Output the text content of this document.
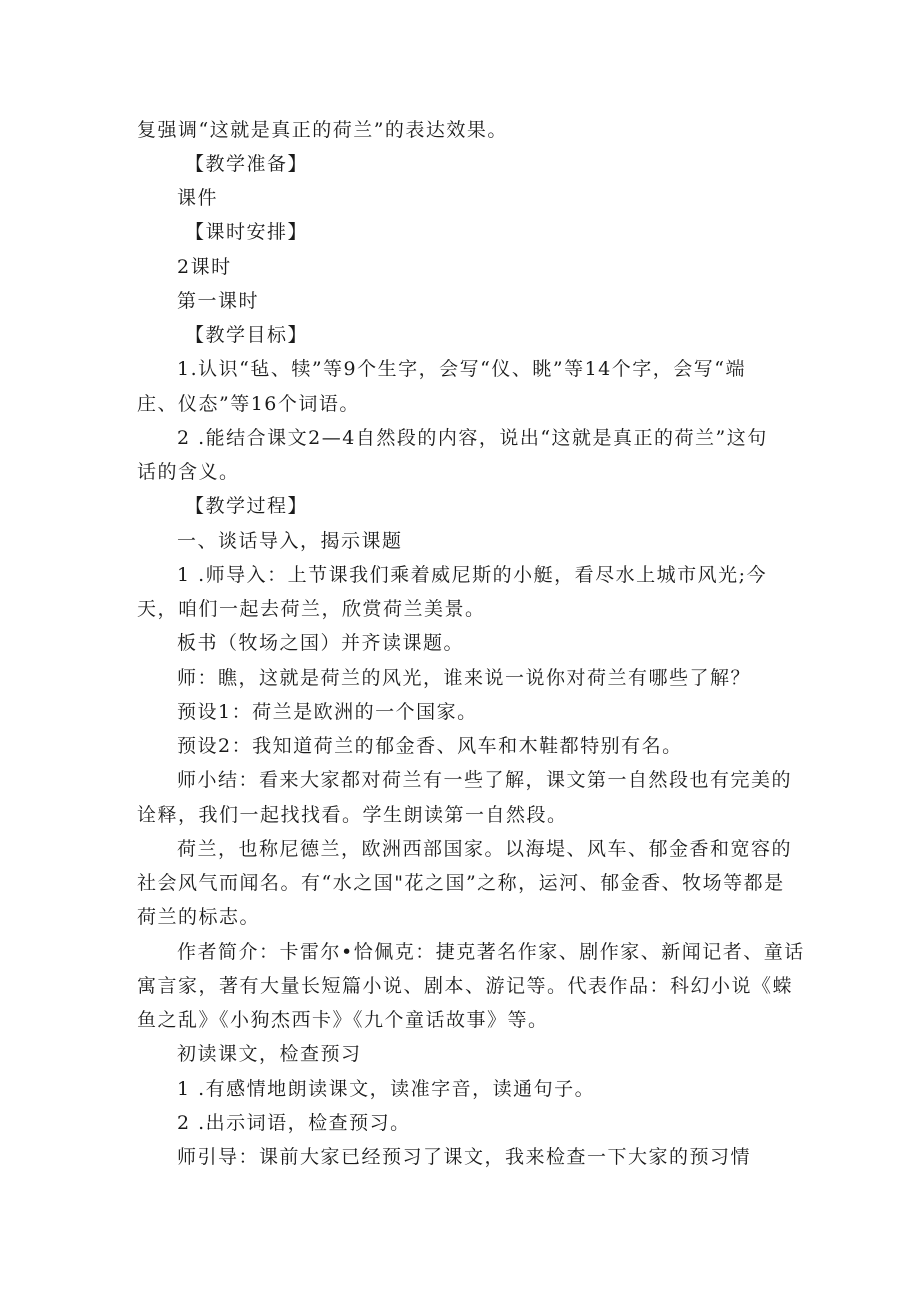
复强调“这就是真正的荷兰”的表达效果。

【教学准备】

课件

【课时安排】

2课时

第一课时

【教学目标】

1.认识“毡、犊”等9个生字，会写“仪、眺”等14个字，会写“端

庄、仪态”等16个词语。

2 .能结合课文2—4自然段的内容，说出“这就是真正的荷兰”这句

话的含义。

【教学过程】

一、谈话导入，揭示课题

1 .师导入：上节课我们乘着威尼斯的小艇，看尽水上城市风光;今

天，咱们一起去荷兰，欣赏荷兰美景。

板书（牧场之国）并齐读课题。

师：瞧，这就是荷兰的风光，谁来说一说你对荷兰有哪些了解？

预设1：荷兰是欧洲的一个国家。

预设2：我知道荷兰的郁金香、风车和木鞋都特别有名。

师小结：看来大家都对荷兰有一些了解，课文第一自然段也有完美的

诠释，我们一起找找看。学生朗读第一自然段。

荷兰，也称尼德兰，欧洲西部国家。以海堤、风车、郁金香和宽容的

社会风气而闻名。有“水之国"花之国”之称，运河、郁金香、牧场等都是

荷兰的标志。

作者简介：卡雷尔•恰佩克：捷克著名作家、剧作家、新闻记者、童话

寓言家，著有大量长短篇小说、剧本、游记等。代表作品：科幻小说《蝾

鱼之乱》《小狗杰西卡》《九个童话故事》等。

初读课文，检查预习

1 .有感情地朗读课文，读准字音，读通句子。

2 .出示词语，检查预习。

师引导：课前大家已经预习了课文，我来检查一下大家的预习情
